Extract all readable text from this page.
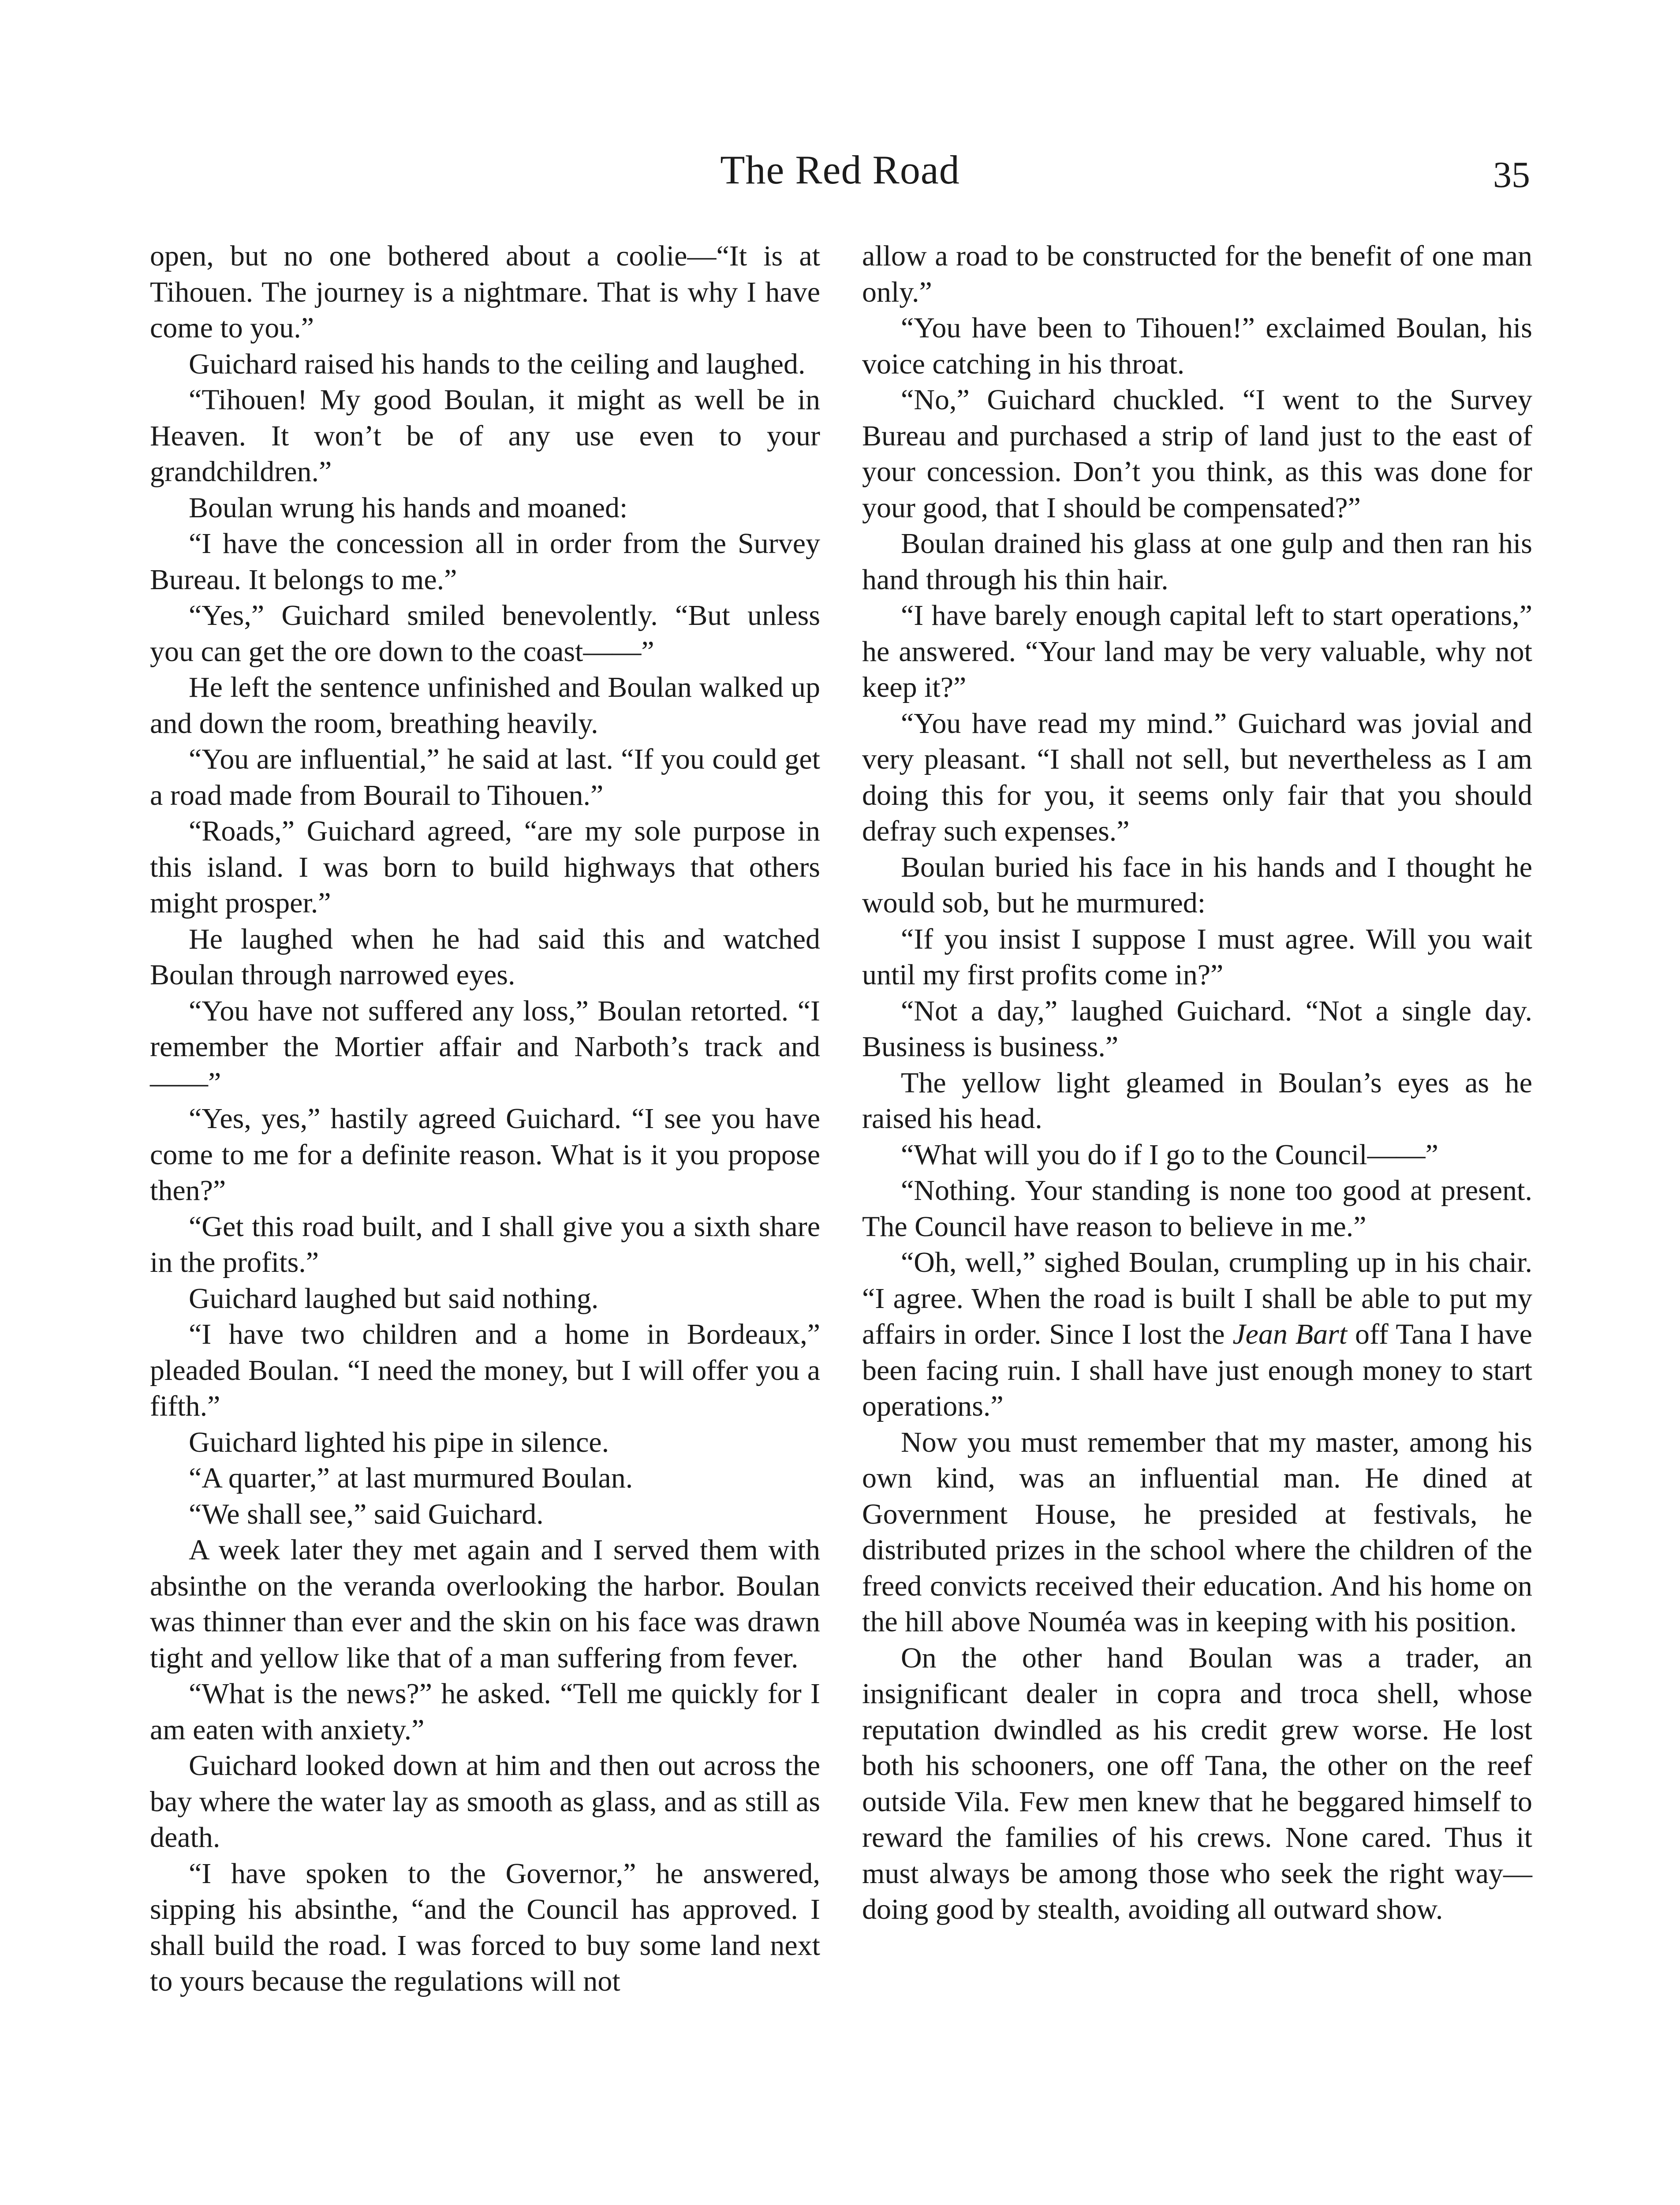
The Red Road	35

open, but no one bothered about a coolie—“It is at Tihouen. The journey is a nightmare. That is why I have come to you.”

Guichard raised his hands to the ceiling and laughed.

“Tihouen! My good Boulan, it might as well be in Heaven. It won’t be of any use even to your grandchildren.”

Boulan wrung his hands and moaned:

“I have the concession all in order from the Survey Bureau. It belongs to me.”

“Yes,” Guichard smiled benevolently. “But unless you can get the ore down to the coast——”

He left the sentence unfinished and Boulan walked up and down the room, breathing heavily.

“You are influential,” he said at last. “If you could get a road made from Bourail to Tihouen.”

“Roads,” Guichard agreed, “are my sole purpose in this island. I was born to build highways that others might prosper.”

He laughed when he had said this and watched Boulan through narrowed eyes.

“You have not suffered any loss,” Boulan retorted. “I remember the Mortier affair and Narboth’s track and——”

“Yes, yes,” hastily agreed Guichard. “I see you have come to me for a definite reason. What is it you propose then?”

“Get this road built, and I shall give you a sixth share in the profits.”

Guichard laughed but said nothing.

“I have two children and a home in Bordeaux,” pleaded Boulan. “I need the money, but I will offer you a fifth.”

Guichard lighted his pipe in silence.

“A quarter,” at last murmured Boulan.

“We shall see,” said Guichard.

A week later they met again and I served them with absinthe on the veranda overlooking the harbor. Boulan was thinner than ever and the skin on his face was drawn tight and yellow like that of a man suffering from fever.

“What is the news?” he asked. “Tell me quickly for I am eaten with anxiety.”

Guichard looked down at him and then out across the bay where the water lay as smooth as glass, and as still as death.

“I have spoken to the Governor,” he answered, sipping his absinthe, “and the Council has approved. I shall build the road. I was forced to buy some land next to yours because the regulations will not

allow a road to be constructed for the benefit of one man only.”

“You have been to Tihouen!” exclaimed Boulan, his voice catching in his throat.

“No,” Guichard chuckled. “I went to the Survey Bureau and purchased a strip of land just to the east of your concession. Don’t you think, as this was done for your good, that I should be compensated?”

Boulan drained his glass at one gulp and then ran his hand through his thin hair.

“I have barely enough capital left to start operations,” he answered. “Your land may be very valuable, why not keep it?”

“You have read my mind.” Guichard was jovial and very pleasant. “I shall not sell, but nevertheless as I am doing this for you, it seems only fair that you should defray such expenses.”

Boulan buried his face in his hands and I thought he would sob, but he murmured:

“If you insist I suppose I must agree. Will you wait until my first profits come in?”

“Not a day,” laughed Guichard. “Not a single day. Business is business.”

The yellow light gleamed in Boulan’s eyes as he raised his head.

“What will you do if I go to the Council——”

“Nothing. Your standing is none too good at present. The Council have reason to believe in me.”

“Oh, well,” sighed Boulan, crumpling up in his chair. “I agree. When the road is built I shall be able to put my affairs in order. Since I lost the Jean Bart off Tana I have been facing ruin. I shall have just enough money to start operations.”

Now you must remember that my master, among his own kind, was an influential man. He dined at Government House, he presided at festivals, he distributed prizes in the school where the children of the freed convicts received their education. And his home on the hill above Nouméa was in keeping with his position.

On the other hand Boulan was a trader, an insignificant dealer in copra and troca shell, whose reputation dwindled as his credit grew worse. He lost both his schooners, one off Tana, the other on the reef outside Vila. Few men knew that he beggared himself to reward the families of his crews. None cared. Thus it must always be among those who seek the right way—doing good by stealth, avoiding all outward show.
